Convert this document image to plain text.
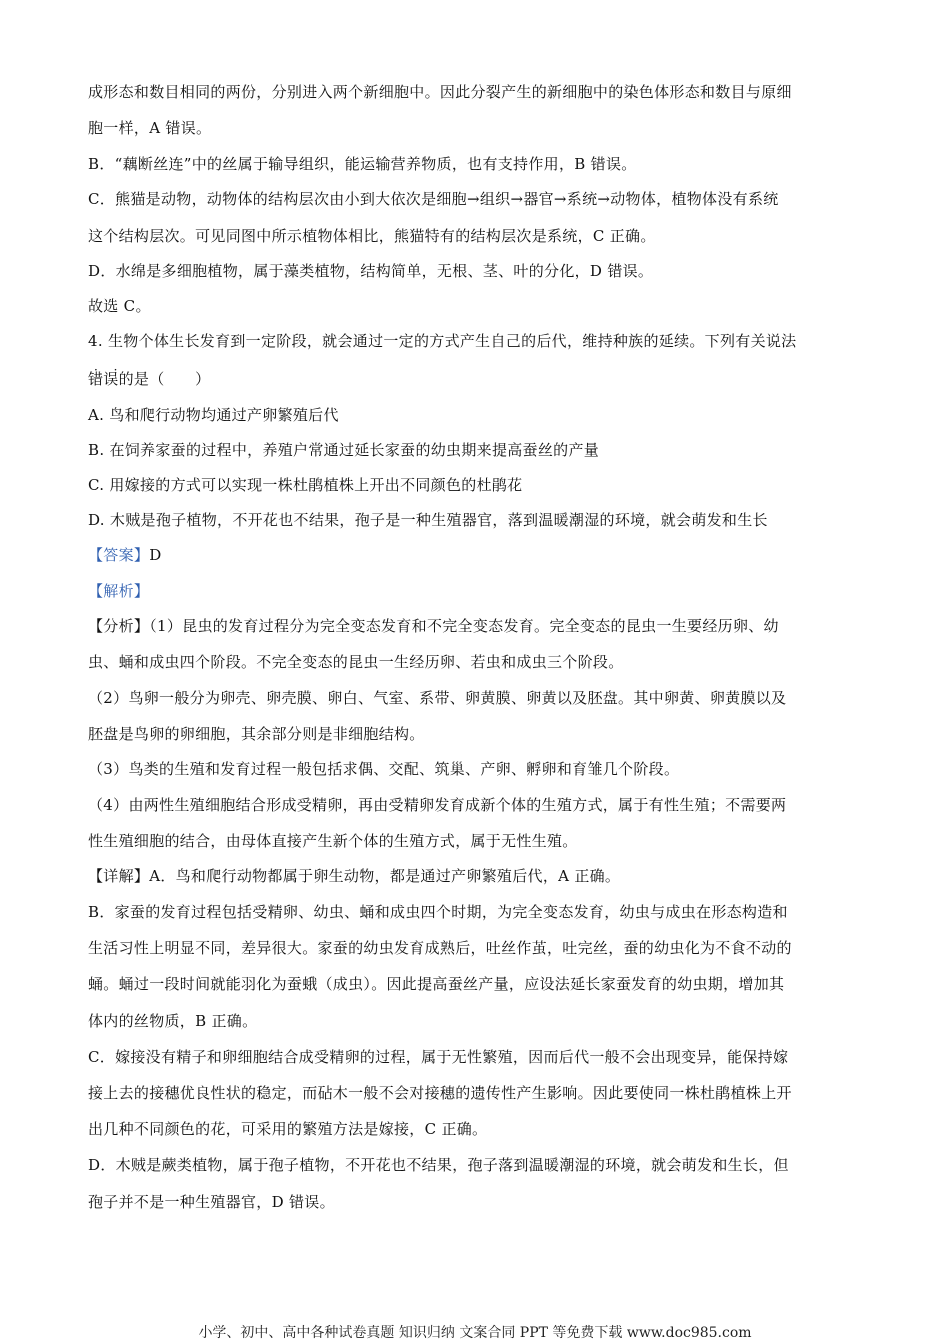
成形态和数目相同的两份，分别进入两个新细胞中。因此分裂产生的新细胞中的染色体形态和数目与原细
胞一样，A 错误。
B．“藕断丝连”中的丝属于输导组织，能运输营养物质，也有支持作用，B 错误。
C．熊猫是动物，动物体的结构层次由小到大依次是细胞→组织→器官→系统→动物体，植物体没有系统
这个结构层次。可见同图中所示植物体相比，熊猫特有的结构层次是系统，C 正确。
D．水绵是多细胞植物，属于藻类植物，结构简单，无根、茎、叶的分化，D 错误。
故选 C。
4. 生物个体生长发育到一定阶段，就会通过一定的方式产生自己的后代，维持种族的延续。下列有关说法
错误 · ·的是（　　）
A. 鸟和爬行动物均通过产卵繁殖后代
B. 在饲养家蚕的过程中，养殖户常通过延长家蚕的幼虫期来提高蚕丝的产量
C. 用嫁接的方式可以实现一株杜鹃植株上开出不同颜色的杜鹃花
D. 木贼是孢子植物，不开花也不结果，孢子是一种生殖器官，落到温暖潮湿的环境，就会萌发和生长
【答案】D
【解析】
【分析】（1）昆虫的发育过程分为完全变态发育和不完全变态发育。完全变态的昆虫一生要经历卵、幼
虫、蛹和成虫四个阶段。不完全变态的昆虫一生经历卵、若虫和成虫三个阶段。
（2）鸟卵一般分为卵壳、卵壳膜、卵白、气室、系带、卵黄膜、卵黄以及胚盘。其中卵黄、卵黄膜以及
胚盘是鸟卵的卵细胞，其余部分则是非细胞结构。
（3）鸟类的生殖和发育过程一般包括求偶、交配、筑巢、产卵、孵卵和育雏几个阶段。
（4）由两性生殖细胞结合形成受精卵，再由受精卵发育成新个体的生殖方式，属于有性生殖；不需要两
性生殖细胞的结合，由母体直接产生新个体的生殖方式，属于无性生殖。
【详解】A．鸟和爬行动物都属于卵生动物，都是通过产卵繁殖后代，A 正确。
B．家蚕的发育过程包括受精卵、幼虫、蛹和成虫四个时期，为完全变态发育，幼虫与成虫在形态构造和
生活习性上明显不同，差异很大。家蚕的幼虫发育成熟后，吐丝作茧，吐完丝，蚕的幼虫化为不食不动的
蛹。蛹过一段时间就能羽化为蚕蛾（成虫）。因此提高蚕丝产量，应设法延长家蚕发育的幼虫期，增加其
体内的丝物质，B 正确。
C．嫁接没有精子和卵细胞结合成受精卵的过程，属于无性繁殖，因而后代一般不会出现变异，能保持嫁
接上去的接穗优良性状的稳定，而砧木一般不会对接穗的遗传性产生影响。因此要使同一株杜鹃植株上开
出几种不同颜色的花，可采用的繁殖方法是嫁接，C 正确。
D．木贼是蕨类植物，属于孢子植物，不开花也不结果，孢子落到温暖潮湿的环境，就会萌发和生长，但
孢子并不是一种生殖器官，D 错误。
小学、初中、高中各种试卷真题 知识归纳 文案合同 PPT 等免费下载 www.doc985.com
